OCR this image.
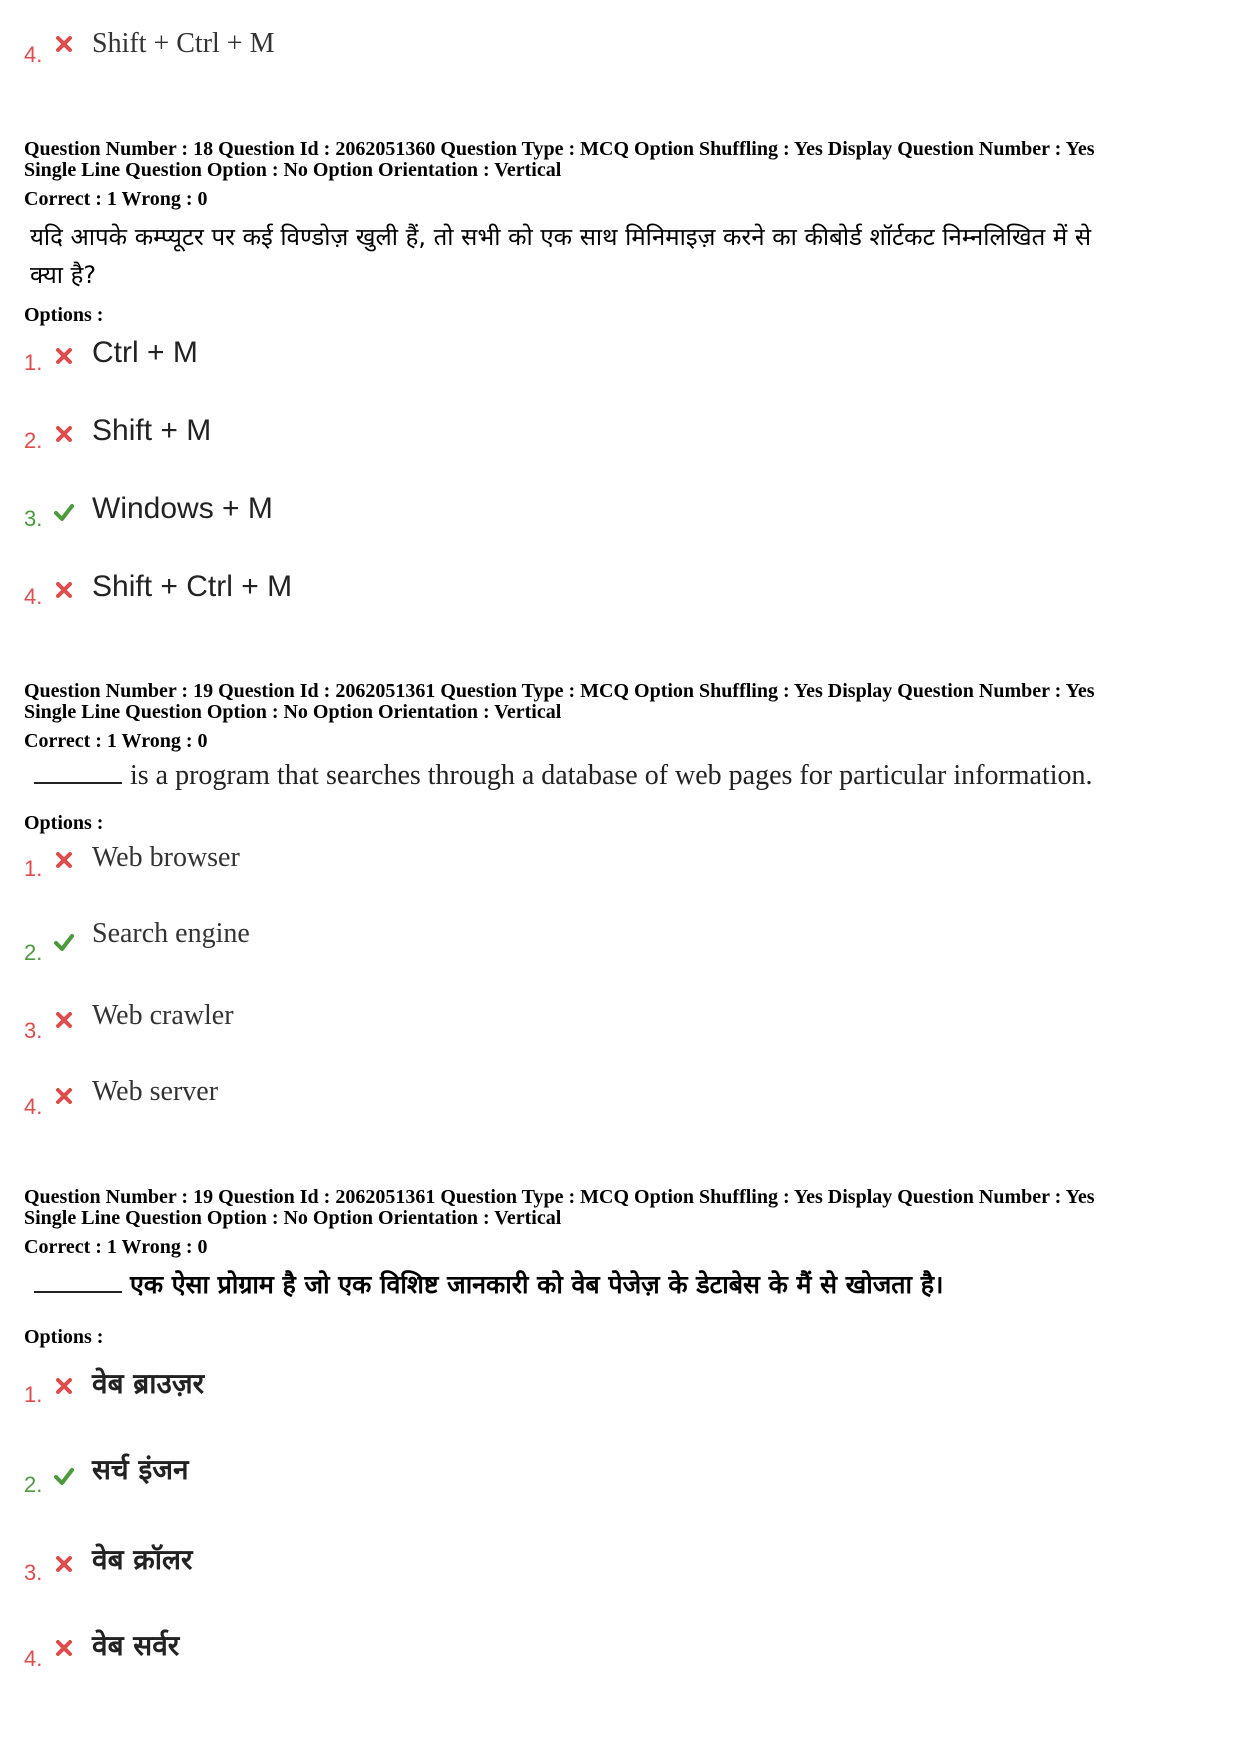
4. Shift + Ctrl + M
Question Number : 18 Question Id : 2062051360 Question Type : MCQ Option Shuffling : Yes Display Question Number : Yes
Single Line Question Option : No Option Orientation : Vertical
Correct : 1 Wrong : 0
यदि आपके कम्प्यूटर पर कई विण्डोज़ खुली हैं, तो सभी को एक साथ मिनिमाइज़ करने का कीबोर्ड शॉर्टकट निम्नलिखित में से
क्या है?
Options :
1. Ctrl + M
2. Shift + M
3. Windows + M
4. Shift + Ctrl + M
Question Number : 19 Question Id : 2062051361 Question Type : MCQ Option Shuffling : Yes Display Question Number : Yes
Single Line Question Option : No Option Orientation : Vertical
Correct : 1 Wrong : 0
is a program that searches through a database of web pages for particular information.
Options :
1. Web browser
2.
Search engine
3. Web crawler
4. Web server
Question Number : 19 Question Id : 2062051361 Question Type : MCQ Option Shuffling : Yes Display Question Number : Yes
Single Line Question Option : No Option Orientation : Vertical
Correct : 1 Wrong : 0
एक ऐसा प्रोग्राम है जो एक विशिष्ट जानकारी को वेब पेजेज़ के डेटाबेस के मैं से खोजता है।
Options :
1. वेब ब्राउज़र
2. सर्च इंजन
3. वेब क्रॉलर
4. वेब सर्वर
